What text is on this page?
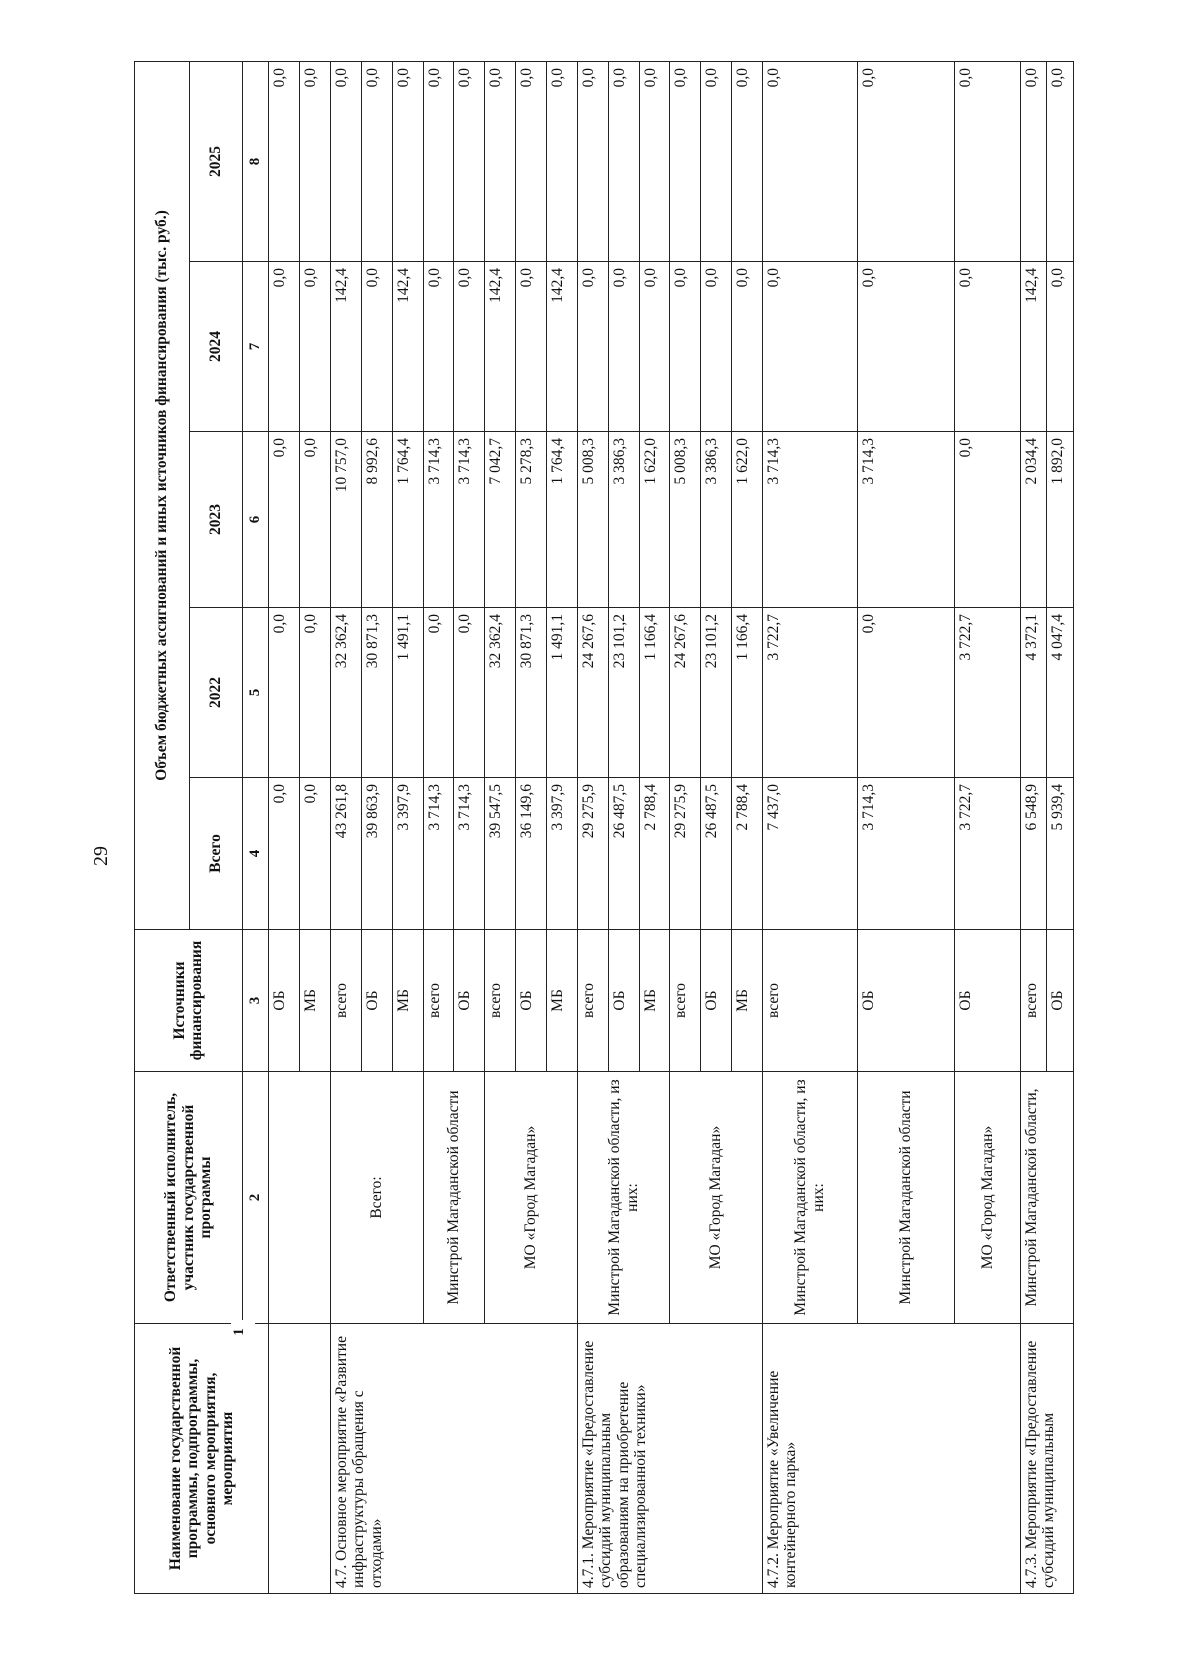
29
Наименование государственной программы, подпрограммы, основного мероприятия, мероприятия	Ответственный исполнитель, участник государственной программы	Источники финансирования	Объем бюджетных ассигнований и иных источников финансирования (тыс. руб.)				
			Всего	2022	2023	2024	2025
	2	3	4	5	6	7	8
		ОБ	0,0	0,0	0,0	0,0	0,0
		МБ	0,0	0,0	0,0	0,0	0,0
4.7. Основное мероприятие «Развитие инфраструктуры обращения с отходами»	Всего:	всего	43 261,8	32 362,4	10 757,0	142,4	0,0
		ОБ	39 863,9	30 871,3	8 992,6	0,0	0,0
		МБ	3 397,9	1 491,1	1 764,4	142,4	0,0
	Минстрой Магаданской области	всего	3 714,3	0,0	3 714,3	0,0	0,0
		ОБ	3 714,3	0,0	3 714,3	0,0	0,0
	МО «Город Магадан»	всего	39 547,5	32 362,4	7 042,7	142,4	0,0
		ОБ	36 149,6	30 871,3	5 278,3	0,0	0,0
		МБ	3 397,9	1 491,1	1 764,4	142,4	0,0
4.7.1. Мероприятие «Предоставление субсидий муниципальным образованиям на приобретение специализированной техники»	Минстрой Магаданской области, из них:	всего	29 275,9	24 267,6	5 008,3	0,0	0,0
		ОБ	26 487,5	23 101,2	3 386,3	0,0	0,0
		МБ	2 788,4	1 166,4	1 622,0	0,0	0,0
	МО «Город Магадан»	всего	29 275,9	24 267,6	5 008,3	0,0	0,0
		ОБ	26 487,5	23 101,2	3 386,3	0,0	0,0
		МБ	2 788,4	1 166,4	1 622,0	0,0	0,0
4.7.2. Мероприятие «Увеличение контейнерного парка»	Минстрой Магаданской области, из них:	всего	7 437,0	3 722,7	3 714,3	0,0	0,0
	Минстрой Магаданской области	ОБ	3 714,3	0,0	3 714,3	0,0	0,0
	МО «Город Магадан»	ОБ	3 722,7	3 722,7	0,0	0,0	0,0
4.7.3. Мероприятие «Предоставление субсидий муниципальным	Минстрой Магаданской области,	всего	6 548,9	4 372,1	2 034,4	142,4	0,0
		ОБ	5 939,4	4 047,4	1 892,0	0,0	0,0
1
